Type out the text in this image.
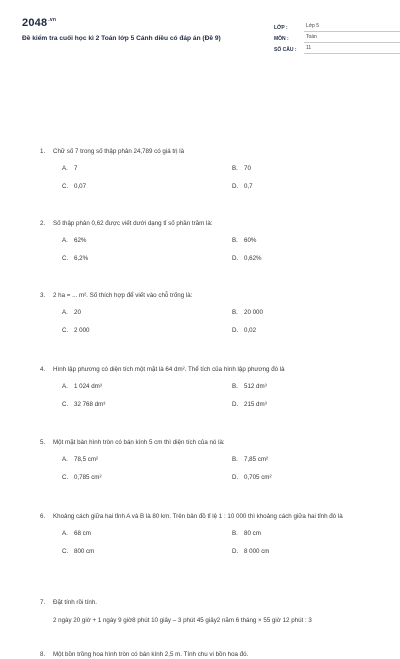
$2048^{.vn}$
Đề kiểm tra cuối học kì 2 Toán lớp 5 Cánh diều có đáp án (Đề 9)
LỚP :	Lớp 5
MÔN :	Toán
SỐ CÂU :	11
1.	Chữ số 7 trong số thập phân 24,789 có giá trị là
A. 7	B. 70
C. 0,07	D. 0,7
2.	Số thập phân 0,62 được viết dưới dạng tỉ số phần trăm là:
A. 62%	B. 60%
C. 6,2%	D. 0,62%
3.	2 ha = ... m². Số thích hợp để viết vào chỗ trống là:
A. 20	B. 20 000
C. 2 000	D. 0,02
4.	Hình lập phương có diện tích một mặt là 64 dm². Thể tích của hình lập phương đó là
A. 1 024 dm³	B. 512 dm³
C. 32 768 dm³	D. 215 dm³
5.	Một mặt bàn hình tròn có bán kính 5 cm thì diện tích của nó là:
A. 78,5 cm²	B. 7,85 cm²
C. 0,785 cm²	D. 0,705 cm²
6.	Khoảng cách giữa hai tỉnh A và B là 80 km. Trên bản đồ tỉ lệ 1 : 10 000 thì khoảng cách giữa hai tỉnh đó là
A. 68 cm	B. 80 cm
C. 800 cm	D. 8 000 cm
7.	Đặt tính rồi tính.
2 ngày 20 giờ + 1 ngày 9 giờ8 phút 10 giây – 3 phút 45 giây2 năm 6 tháng × 55 giờ 12 phút : 3
8.	Một bồn trồng hoa hình tròn có bán kính 2,5 m. Tính chu vi bồn hoa đó.
